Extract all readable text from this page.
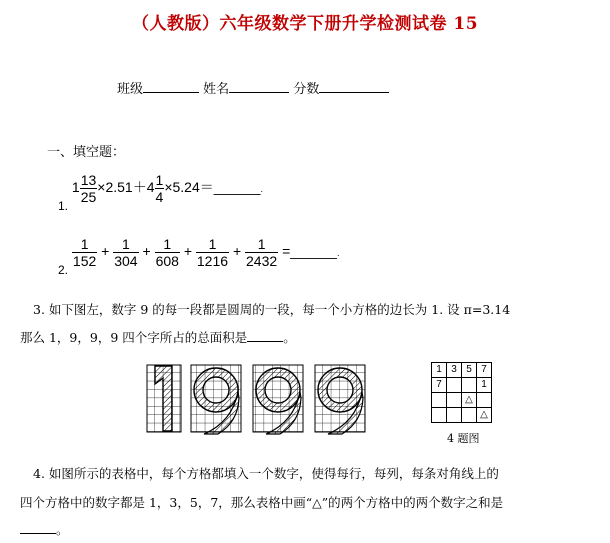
（人教版）六年级数学下册升学检测试卷 15
班级	姓名	分数
一、填空题：
1. $1 \frac{13}{25} \times 2.51+4 \frac{1}{4}$ ×5.24＝______.
2.
$\frac{1}{152} + \frac{1}{304} + \frac{1}{608} + \frac{1}{1216} + \frac{1}{2432}$ =______.
3. 如下图左，数字 9 的每一段都是圆周的一段，每一个小方格的边长为 1. 设 π=3.14
那么 1，9，9，9 四个字所占的总面积是	。
1	3	5	7
7			1
		△	
			△
4 题图
4. 如图所示的表格中，每个方格都填入一个数字，使得每行，每列，每条对角线上的
四个方格中的数字都是 1，3，5，7，那么表格中画“△”的两个方格中的两个数字之和是
。
